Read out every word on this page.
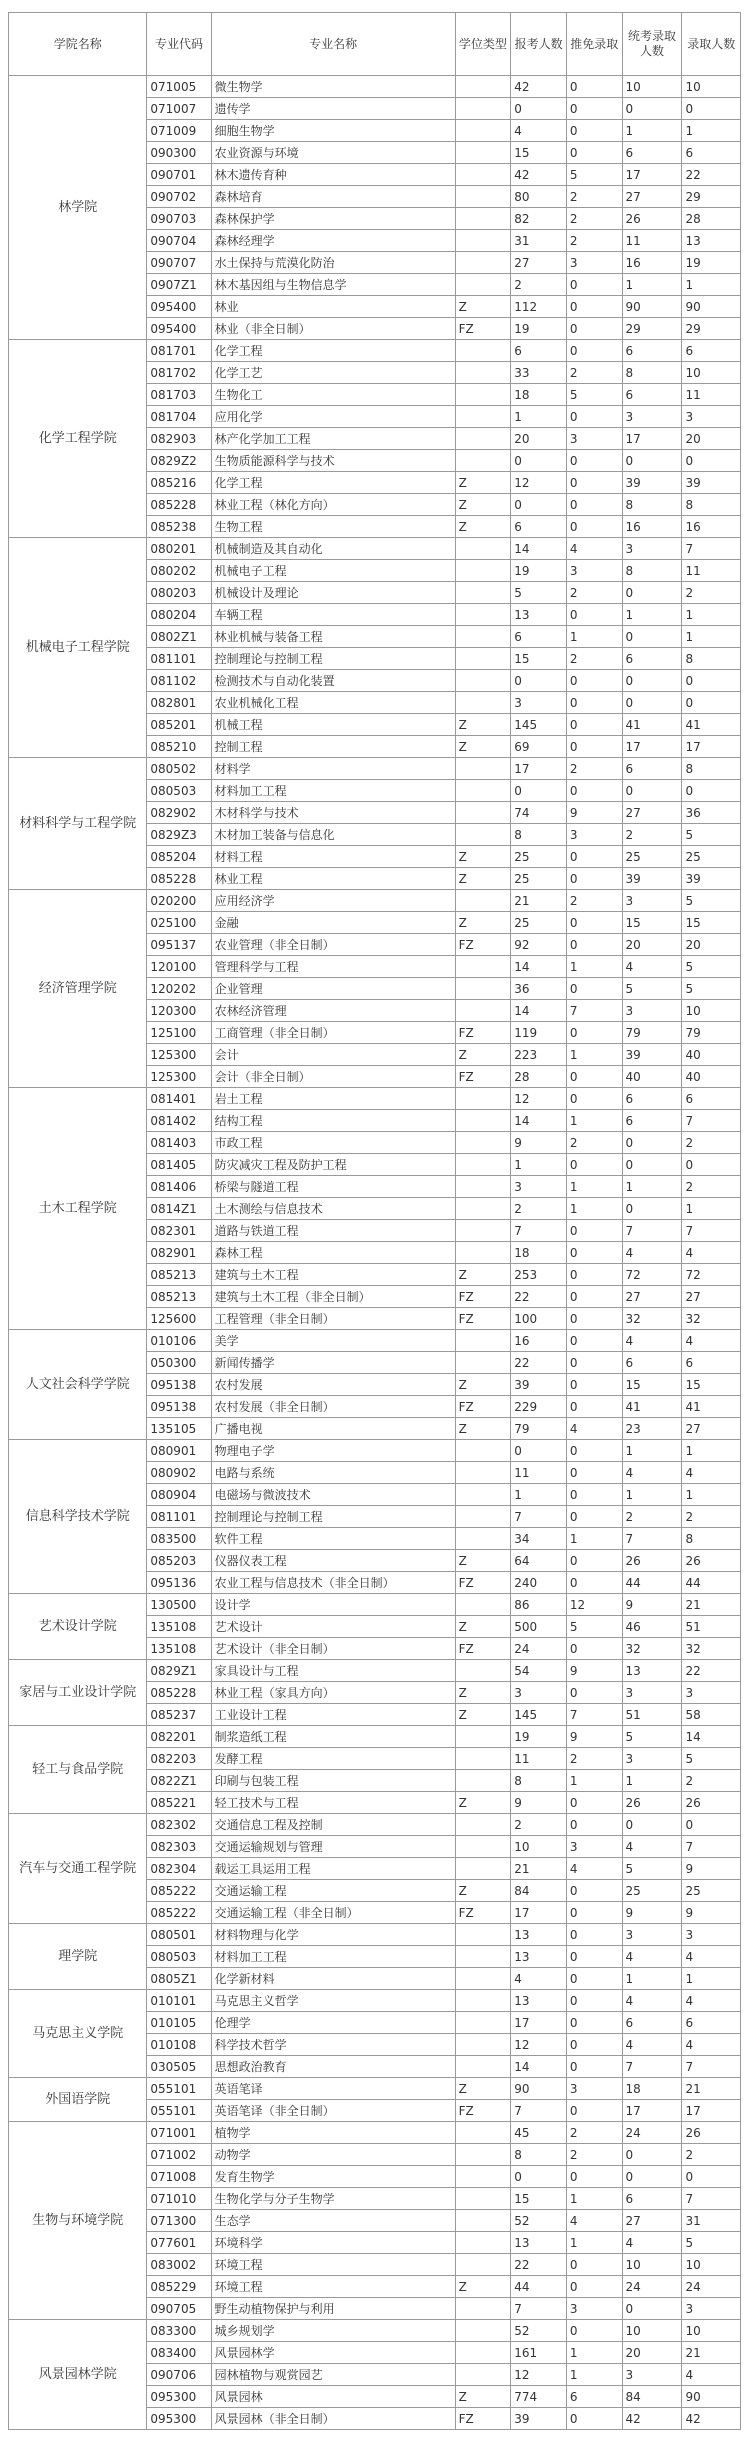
学院名称	专业代码	专业名称	学位类型	报考人数	推免录取	统考录取人数	录取人数
林学院	071005	微生物学		42	0	10	10
	071007	遗传学		0	0	0	0
	071009	细胞生物学		4	0	1	1
	090300	农业资源与环境		15	0	6	6
	090701	林木遗传育种		42	5	17	22
	090702	森林培育		80	2	27	29
	090703	森林保护学		82	2	26	28
	090704	森林经理学		31	2	11	13
	090707	水土保持与荒漠化防治		27	3	16	19
	0907Z1	林木基因组与生物信息学		2	0	1	1
	095400	林业	Z	112	0	90	90
	095400	林业（非全日制）	FZ	19	0	29	29
化学工程学院	081701	化学工程		6	0	6	6
	081702	化学工艺		33	2	8	10
	081703	生物化工		18	5	6	11
	081704	应用化学		1	0	3	3
	082903	林产化学加工工程		20	3	17	20
	0829Z2	生物质能源科学与技术		0	0	0	0
	085216	化学工程	Z	12	0	39	39
	085228	林业工程（林化方向）	Z	0	0	8	8
	085238	生物工程	Z	6	0	16	16
机械电子工程学院	080201	机械制造及其自动化		14	4	3	7
	080202	机械电子工程		19	3	8	11
	080203	机械设计及理论		5	2	0	2
	080204	车辆工程		13	0	1	1
	0802Z1	林业机械与装备工程		6	1	0	1
	081101	控制理论与控制工程		15	2	6	8
	081102	检测技术与自动化装置		0	0	0	0
	082801	农业机械化工程		3	0	0	0
	085201	机械工程	Z	145	0	41	41
	085210	控制工程	Z	69	0	17	17
材料科学与工程学院	080502	材料学		17	2	6	8
	080503	材料加工工程		0	0	0	0
	082902	木材科学与技术		74	9	27	36
	0829Z3	木材加工装备与信息化		8	3	2	5
	085204	材料工程	Z	25	0	25	25
	085228	林业工程	Z	25	0	39	39
经济管理学院	020200	应用经济学		21	2	3	5
	025100	金融	Z	25	0	15	15
	095137	农业管理（非全日制）	FZ	92	0	20	20
	120100	管理科学与工程		14	1	4	5
	120202	企业管理		36	0	5	5
	120300	农林经济管理		14	7	3	10
	125100	工商管理（非全日制）	FZ	119	0	79	79
	125300	会计	Z	223	1	39	40
	125300	会计（非全日制）	FZ	28	0	40	40
土木工程学院	081401	岩土工程		12	0	6	6
	081402	结构工程		14	1	6	7
	081403	市政工程		9	2	0	2
	081405	防灾减灾工程及防护工程		1	0	0	0
	081406	桥梁与隧道工程		3	1	1	2
	0814Z1	土木测绘与信息技术		2	1	0	1
	082301	道路与铁道工程		7	0	7	7
	082901	森林工程		18	0	4	4
	085213	建筑与土木工程	Z	253	0	72	72
	085213	建筑与土木工程（非全日制）	FZ	22	0	27	27
	125600	工程管理（非全日制）	FZ	100	0	32	32
人文社会科学学院	010106	美学		16	0	4	4
	050300	新闻传播学		22	0	6	6
	095138	农村发展	Z	39	0	15	15
	095138	农村发展（非全日制）	FZ	229	0	41	41
	135105	广播电视	Z	79	4	23	27
信息科学技术学院	080901	物理电子学		0	0	1	1
	080902	电路与系统		11	0	4	4
	080904	电磁场与微波技术		1	0	1	1
	081101	控制理论与控制工程		7	0	2	2
	083500	软件工程		34	1	7	8
	085203	仪器仪表工程	Z	64	0	26	26
	095136	农业工程与信息技术（非全日制）	FZ	240	0	44	44
艺术设计学院	130500	设计学		86	12	9	21
	135108	艺术设计	Z	500	5	46	51
	135108	艺术设计（非全日制）	FZ	24	0	32	32
家居与工业设计学院	0829Z1	家具设计与工程		54	9	13	22
	085228	林业工程（家具方向）	Z	3	0	3	3
	085237	工业设计工程	Z	145	7	51	58
轻工与食品学院	082201	制浆造纸工程		19	9	5	14
	082203	发酵工程		11	2	3	5
	0822Z1	印刷与包装工程		8	1	1	2
	085221	轻工技术与工程	Z	9	0	26	26
汽车与交通工程学院	082302	交通信息工程及控制		2	0	0	0
	082303	交通运输规划与管理		10	3	4	7
	082304	载运工具运用工程		21	4	5	9
	085222	交通运输工程	Z	84	0	25	25
	085222	交通运输工程（非全日制）	FZ	17	0	9	9
理学院	080501	材料物理与化学		13	0	3	3
	080503	材料加工工程		13	0	4	4
	0805Z1	化学新材料		4	0	1	1
马克思主义学院	010101	马克思主义哲学		13	0	4	4
	010105	伦理学		17	0	6	6
	010108	科学技术哲学		12	0	4	4
	030505	思想政治教育		14	0	7	7
外国语学院	055101	英语笔译	Z	90	3	18	21
	055101	英语笔译（非全日制）	FZ	7	0	17	17
生物与环境学院	071001	植物学		45	2	24	26
	071002	动物学		8	2	0	2
	071008	发育生物学		0	0	0	0
	071010	生物化学与分子生物学		15	1	6	7
	071300	生态学		52	4	27	31
	077601	环境科学		13	1	4	5
	083002	环境工程		22	0	10	10
	085229	环境工程	Z	44	0	24	24
	090705	野生动植物保护与利用		7	3	0	3
风景园林学院	083300	城乡规划学		52	0	10	10
	083400	风景园林学		161	1	20	21
	090706	园林植物与观赏园艺		12	1	3	4
	095300	风景园林	Z	774	6	84	90
	095300	风景园林（非全日制）	FZ	39	0	42	42
